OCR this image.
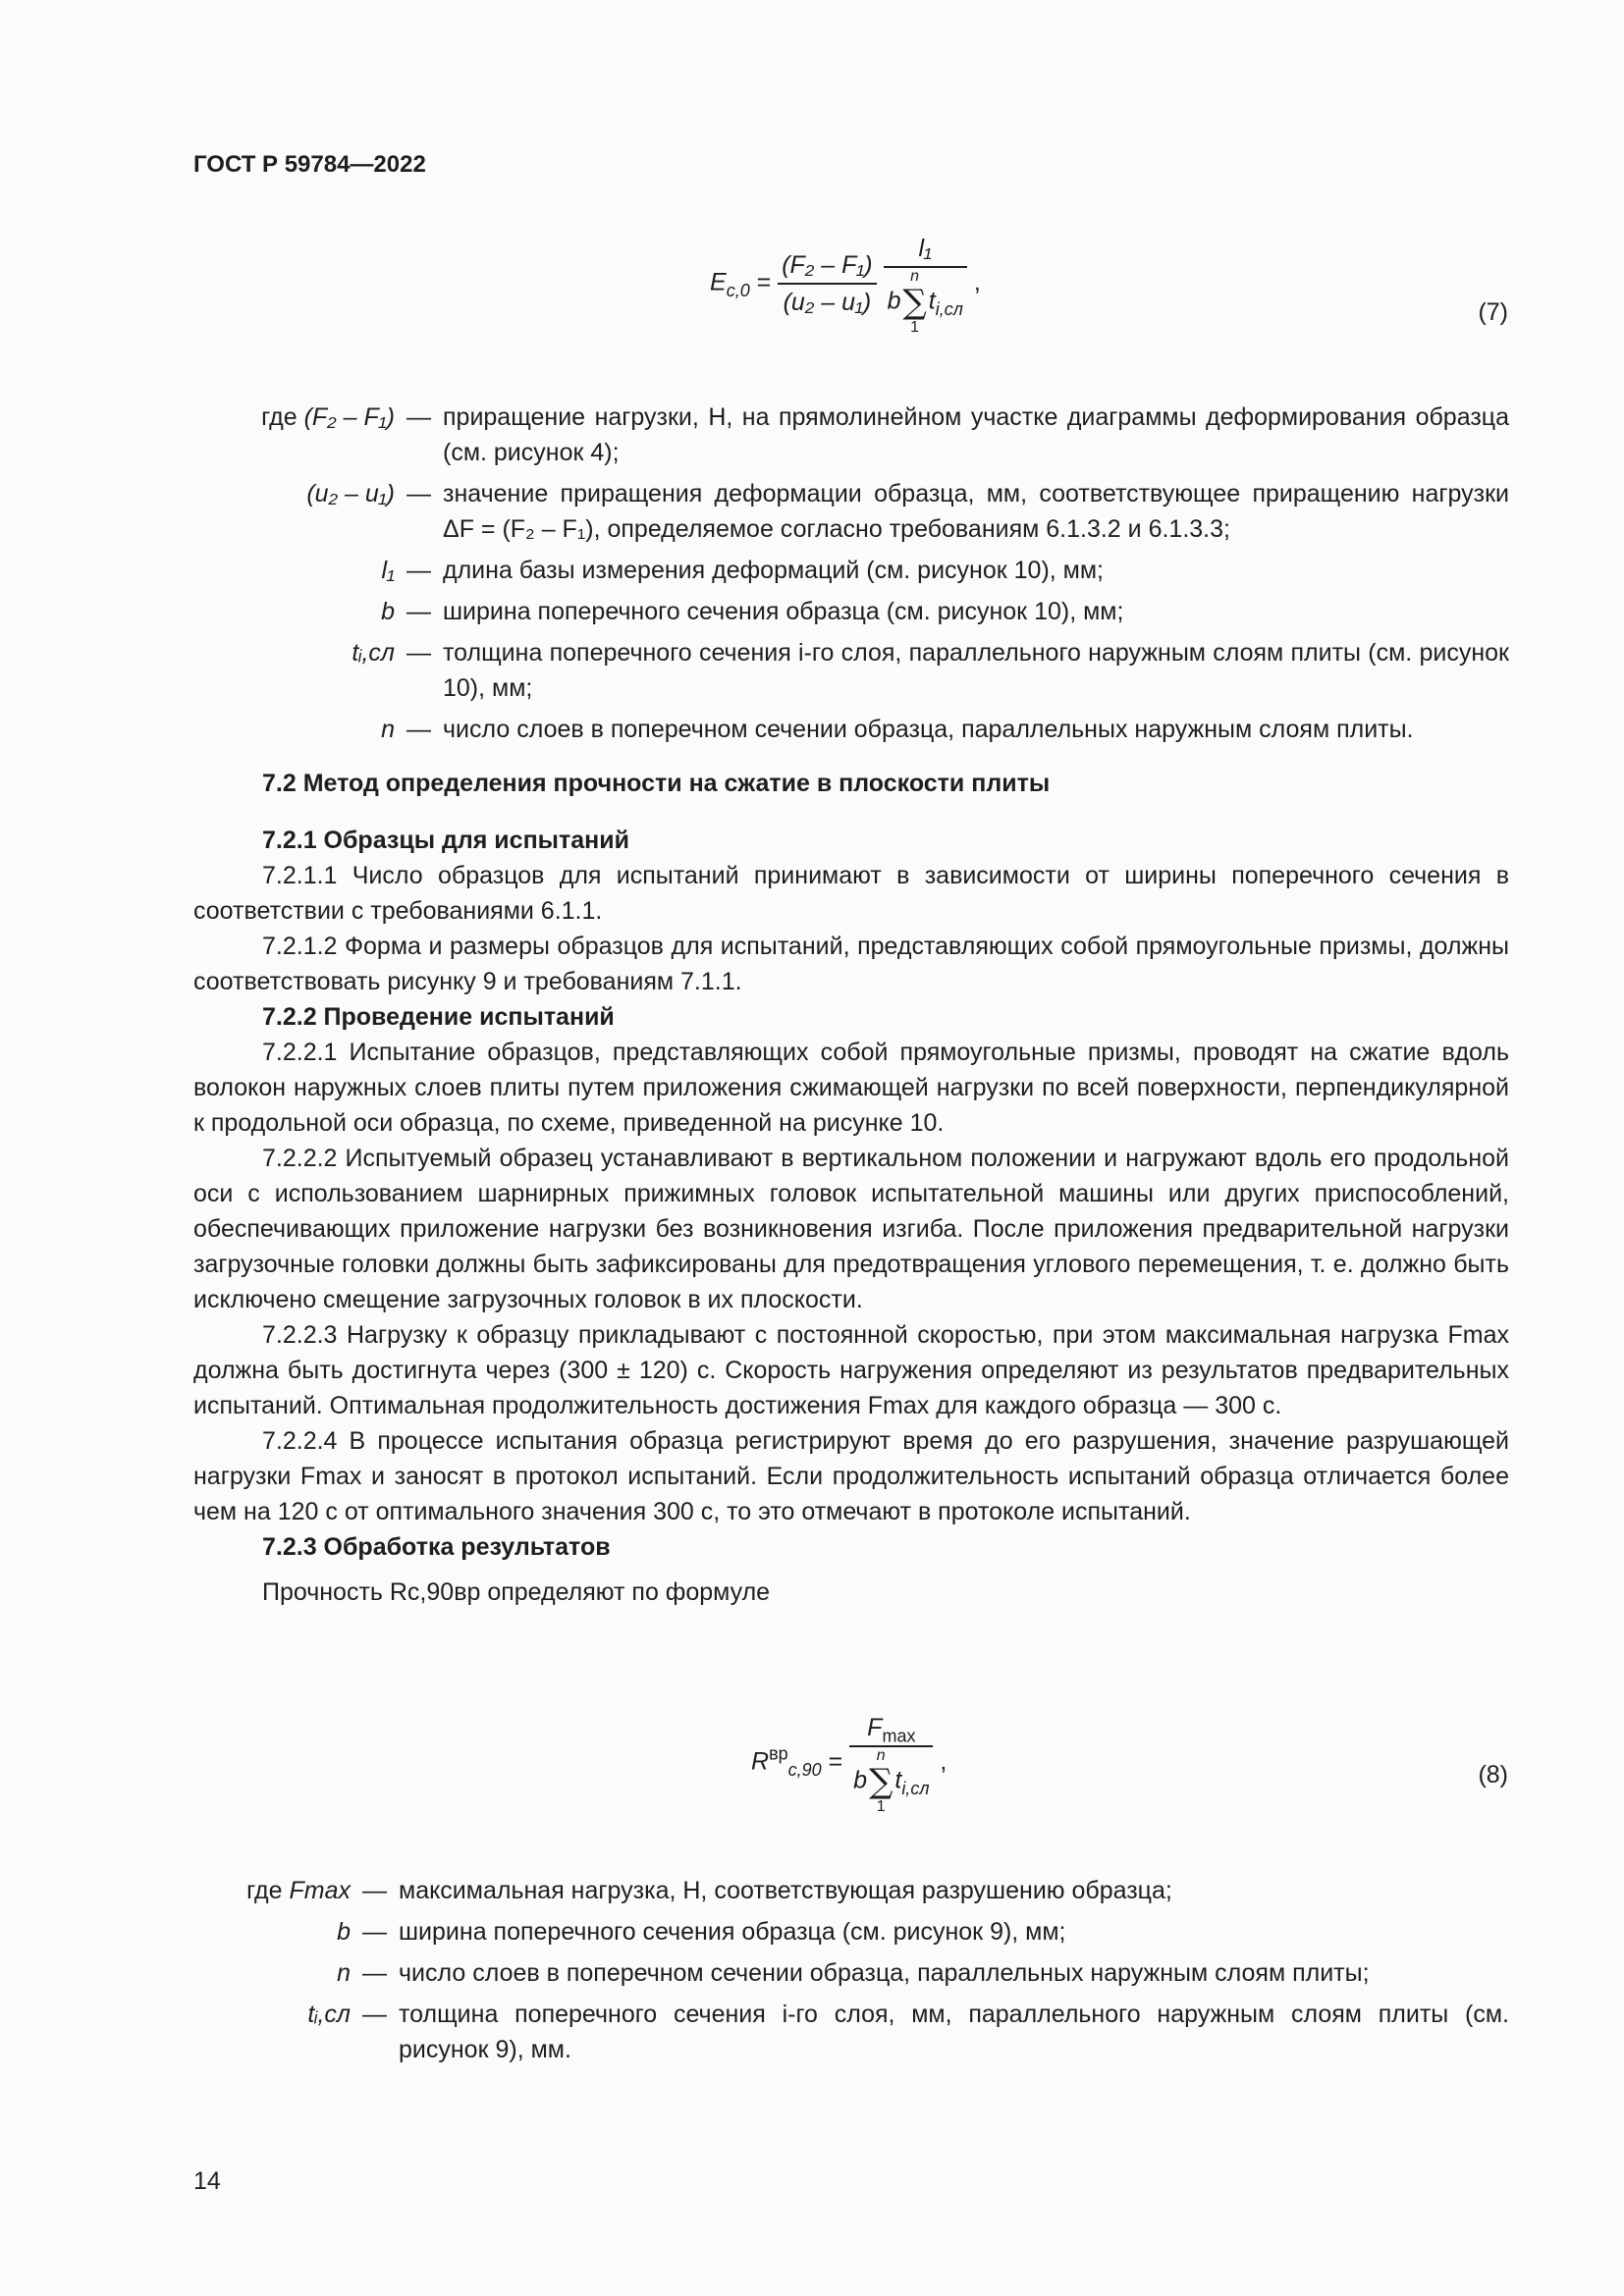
ГОСТ Р 59784—2022
$E_{c,0} = \frac{\text{(F₂ – F₁)}}{\text{(u₂ – u₁)}}$
l₁
b
n
∑
1
$t_{i,сл}$ ,
(7)
где (F₂ – F₁) — приращение нагрузки, Н, на прямолинейном участке диаграммы деформирования образца (см. рисунок 4);
(u₂ – u₁) — значение приращения деформации образца, мм, соответствующее приращению нагрузки ΔF = (F₂ – F₁), определяемое согласно требованиям 6.1.3.2 и 6.1.3.3;
l₁ — длина базы измерения деформаций (см. рисунок 10), мм;
b — ширина поперечного сечения образца (см. рисунок 10), мм;
tᵢ,сл — толщина поперечного сечения i-го слоя, параллельного наружным слоям плиты (см. рисунок 10), мм;
n — число слоев в поперечном сечении образца, параллельных наружным слоям плиты.
7.2 Метод определения прочности на сжатие в плоскости плиты
7.2.1 Образцы для испытаний

7.2.1.1 Число образцов для испытаний принимают в зависимости от ширины поперечного сечения в соответствии с требованиями 6.1.1.

7.2.1.2 Форма и размеры образцов для испытаний, представляющих собой прямоугольные призмы, должны соответствовать рисунку 9 и требованиям 7.1.1.

7.2.2 Проведение испытаний

7.2.2.1 Испытание образцов, представляющих собой прямоугольные призмы, проводят на сжатие вдоль волокон наружных слоев плиты путем приложения сжимающей нагрузки по всей поверхности, перпендикулярной к продольной оси образца, по схеме, приведенной на рисунке 10.

7.2.2.2 Испытуемый образец устанавливают в вертикальном положении и нагружают вдоль его продольной оси с использованием шарнирных прижимных головок испытательной машины или других приспособлений, обеспечивающих приложение нагрузки без возникновения изгиба. После приложения предварительной нагрузки загрузочные головки должны быть зафиксированы для предотвращения углового перемещения, т. е. должно быть исключено смещение загрузочных головок в их плоскости.

7.2.2.3 Нагрузку к образцу прикладывают с постоянной скоростью, при этом максимальная нагрузка Fmax должна быть достигнута через (300 ± 120) с. Скорость нагружения определяют из результатов предварительных испытаний. Оптимальная продолжительность достижения Fmax для каждого образца — 300 с.

7.2.2.4 В процессе испытания образца регистрируют время до его разрушения, значение разрушающей нагрузки Fmax и заносят в протокол испытаний. Если продолжительность испытаний образца отличается более чем на 120 с от оптимального значения 300 с, то это отмечают в протоколе испытаний.

7.2.3 Обработка результатов

Прочность Rc,90вр определяют по формуле

$R^{вр}_{c,90} = F_{max}$
b
n
∑
1
$t_{i,сл}$ ,	(8)
где Fmax — максимальная нагрузка, Н, соответствующая разрушению образца;
b — ширина поперечного сечения образца (см. рисунок 9), мм;
n — число слоев в поперечном сечении образца, параллельных наружным слоям плиты;
tᵢ,сл — толщина поперечного сечения i-го слоя, мм, параллельного наружным слоям плиты (см. рисунок 9), мм.
14
